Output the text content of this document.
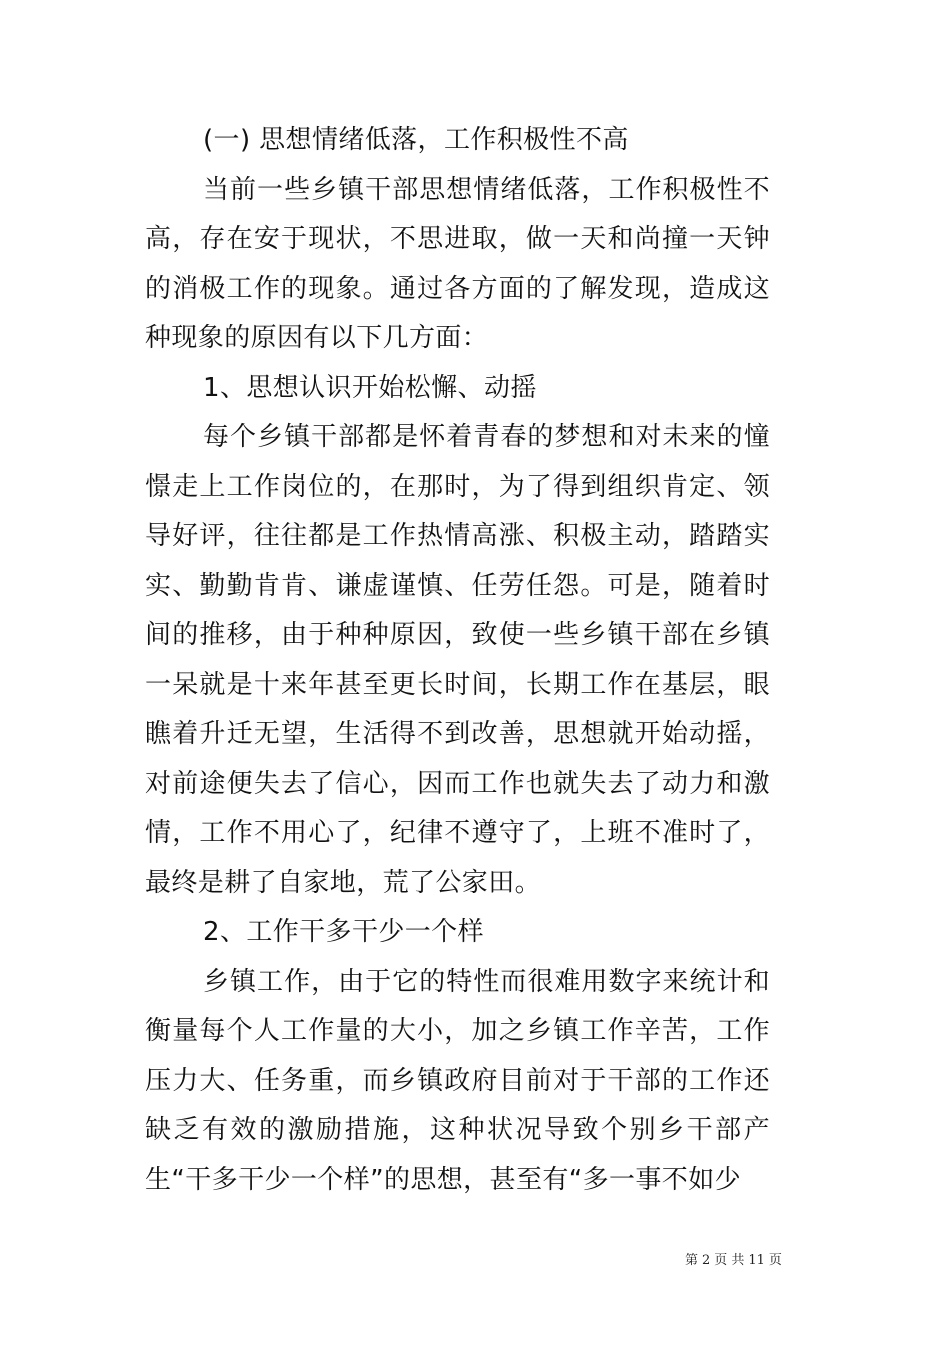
(一) 思想情绪低落，工作积极性不高

当前一些乡镇干部思想情绪低落，工作积极性不高，存在安于现状，不思进取，做一天和尚撞一天钟的消极工作的现象。通过各方面的了解发现，造成这种现象的原因有以下几方面：

1、思想认识开始松懈、动摇

每个乡镇干部都是怀着青春的梦想和对未来的憧憬走上工作岗位的，在那时，为了得到组织肯定、领导好评，往往都是工作热情高涨、积极主动，踏踏实实、勤勤肯肯、谦虚谨慎、任劳任怨。可是，随着时间的推移，由于种种原因，致使一些乡镇干部在乡镇一呆就是十来年甚至更长时间，长期工作在基层，眼瞧着升迁无望，生活得不到改善，思想就开始动摇，对前途便失去了信心，因而工作也就失去了动力和激情，工作不用心了，纪律不遵守了，上班不准时了，最终是耕了自家地，荒了公家田。

2、工作干多干少一个样

乡镇工作，由于它的特性而很难用数字来统计和衡量每个人工作量的大小，加之乡镇工作辛苦，工作压力大、任务重，而乡镇政府目前对于干部的工作还缺乏有效的激励措施，这种状况导致个别乡干部产生“干多干少一个样”的思想，甚至有“多一事不如少

第 2 页 共 11 页
